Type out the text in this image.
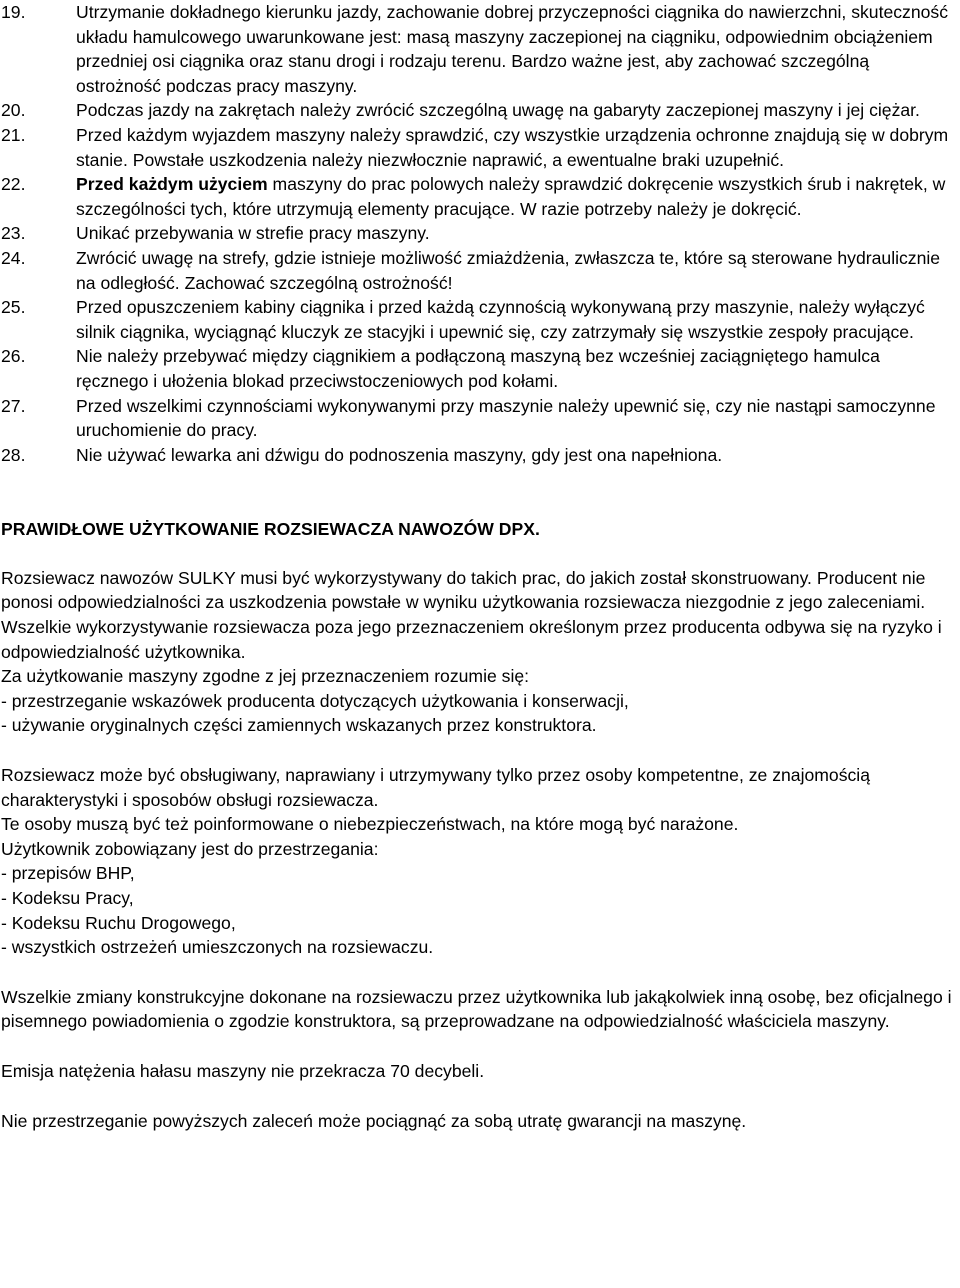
19.	Utrzymanie dokładnego kierunku jazdy, zachowanie dobrej przyczepności ciągnika do nawierzchni, skuteczność układu hamulcowego uwarunkowane jest: masą maszyny zaczepionej na ciągniku, odpowiednim obciążeniem przedniej osi ciągnika oraz stanu drogi i rodzaju terenu. Bardzo ważne jest, aby zachować szczególną ostrożność podczas pracy maszyny.

20.	Podczas jazdy na zakrętach należy zwrócić szczególną uwagę na gabaryty zaczepionej maszyny i jej ciężar.

21.	Przed każdym wyjazdem maszyny należy sprawdzić, czy wszystkie urządzenia ochronne znajdują się w dobrym stanie. Powstałe uszkodzenia należy niezwłocznie naprawić, a ewentualne braki uzupełnić.

22.	Przed każdym użyciem maszyny do prac polowych należy sprawdzić dokręcenie wszystkich śrub i nakrętek, w szczególności tych, które utrzymują elementy pracujące. W razie potrzeby należy je dokręcić.

23.	Unikać przebywania w strefie pracy maszyny.

24.	Zwrócić uwagę na strefy, gdzie istnieje możliwość zmiażdżenia, zwłaszcza te, które są sterowane hydraulicznie na odległość. Zachować szczególną ostrożność!

25.	Przed opuszczeniem kabiny ciągnika i przed każdą czynnością wykonywaną przy maszynie, należy wyłączyć silnik ciągnika, wyciągnąć kluczyk ze stacyjki i upewnić się, czy zatrzymały się wszystkie zespoły pracujące.

26.	Nie należy przebywać między ciągnikiem a podłączoną maszyną bez wcześniej zaciągniętego hamulca ręcznego i ułożenia blokad przeciwstoczeniowych pod kołami.

27.	Przed wszelkimi czynnościami wykonywanymi przy maszynie należy upewnić się, czy nie nastąpi samoczynne uruchomienie do pracy.

28.	Nie używać lewarka ani dźwigu do podnoszenia maszyny, gdy jest ona napełniona.

PRAWIDŁOWE UŻYTKOWANIE ROZSIEWACZA NAWOZÓW DPX.

Rozsiewacz nawozów SULKY musi być wykorzystywany do takich prac, do jakich został skonstruowany. Producent nie ponosi odpowiedzialności za uszkodzenia powstałe w wyniku użytkowania rozsiewacza niezgodnie z jego zaleceniami.

Wszelkie wykorzystywanie rozsiewacza poza jego przeznaczeniem określonym przez producenta odbywa się na ryzyko i odpowiedzialność użytkownika.

Za użytkowanie maszyny zgodne z jej przeznaczeniem rozumie się:

- przestrzeganie wskazówek producenta dotyczących użytkowania i konserwacji,

- używanie oryginalnych części zamiennych wskazanych przez konstruktora.

Rozsiewacz może być obsługiwany, naprawiany i utrzymywany tylko przez osoby kompetentne, ze znajomością charakterystyki i sposobów obsługi rozsiewacza.

Te osoby muszą być też poinformowane o niebezpieczeństwach, na które mogą być narażone.

Użytkownik zobowiązany jest do przestrzegania:

- przepisów BHP,

- Kodeksu Pracy,

- Kodeksu Ruchu Drogowego,

- wszystkich ostrzeżeń umieszczonych na rozsiewaczu.

Wszelkie zmiany konstrukcyjne dokonane na rozsiewaczu przez użytkownika lub jakąkolwiek inną osobę, bez oficjalnego i pisemnego powiadomienia o zgodzie konstruktora, są przeprowadzane na odpowiedzialność właściciela maszyny.

Emisja natężenia hałasu maszyny nie przekracza 70 decybeli.

Nie przestrzeganie powyższych zaleceń może pociągnąć za sobą utratę gwarancji na maszynę.
